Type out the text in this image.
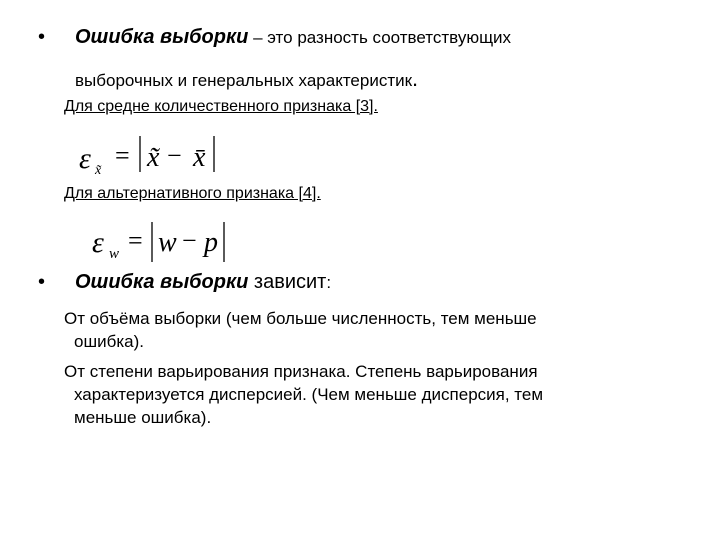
• Ошибка выборки – это разность соответствующих
выборочных и генеральных характеристик.
Для средне количественного признака [3].
ε x̃
= x̃ − x̄
Для альтернативного признака [4].
ε w = w − p
• Ошибка выборки зависит:
От объёма выборки (чем больше численность, тем меньше
ошибка).
От степени варьирования признака. Степень варьирования
характеризуется дисперсией. (Чем меньше дисперсия, тем
меньше ошибка).
